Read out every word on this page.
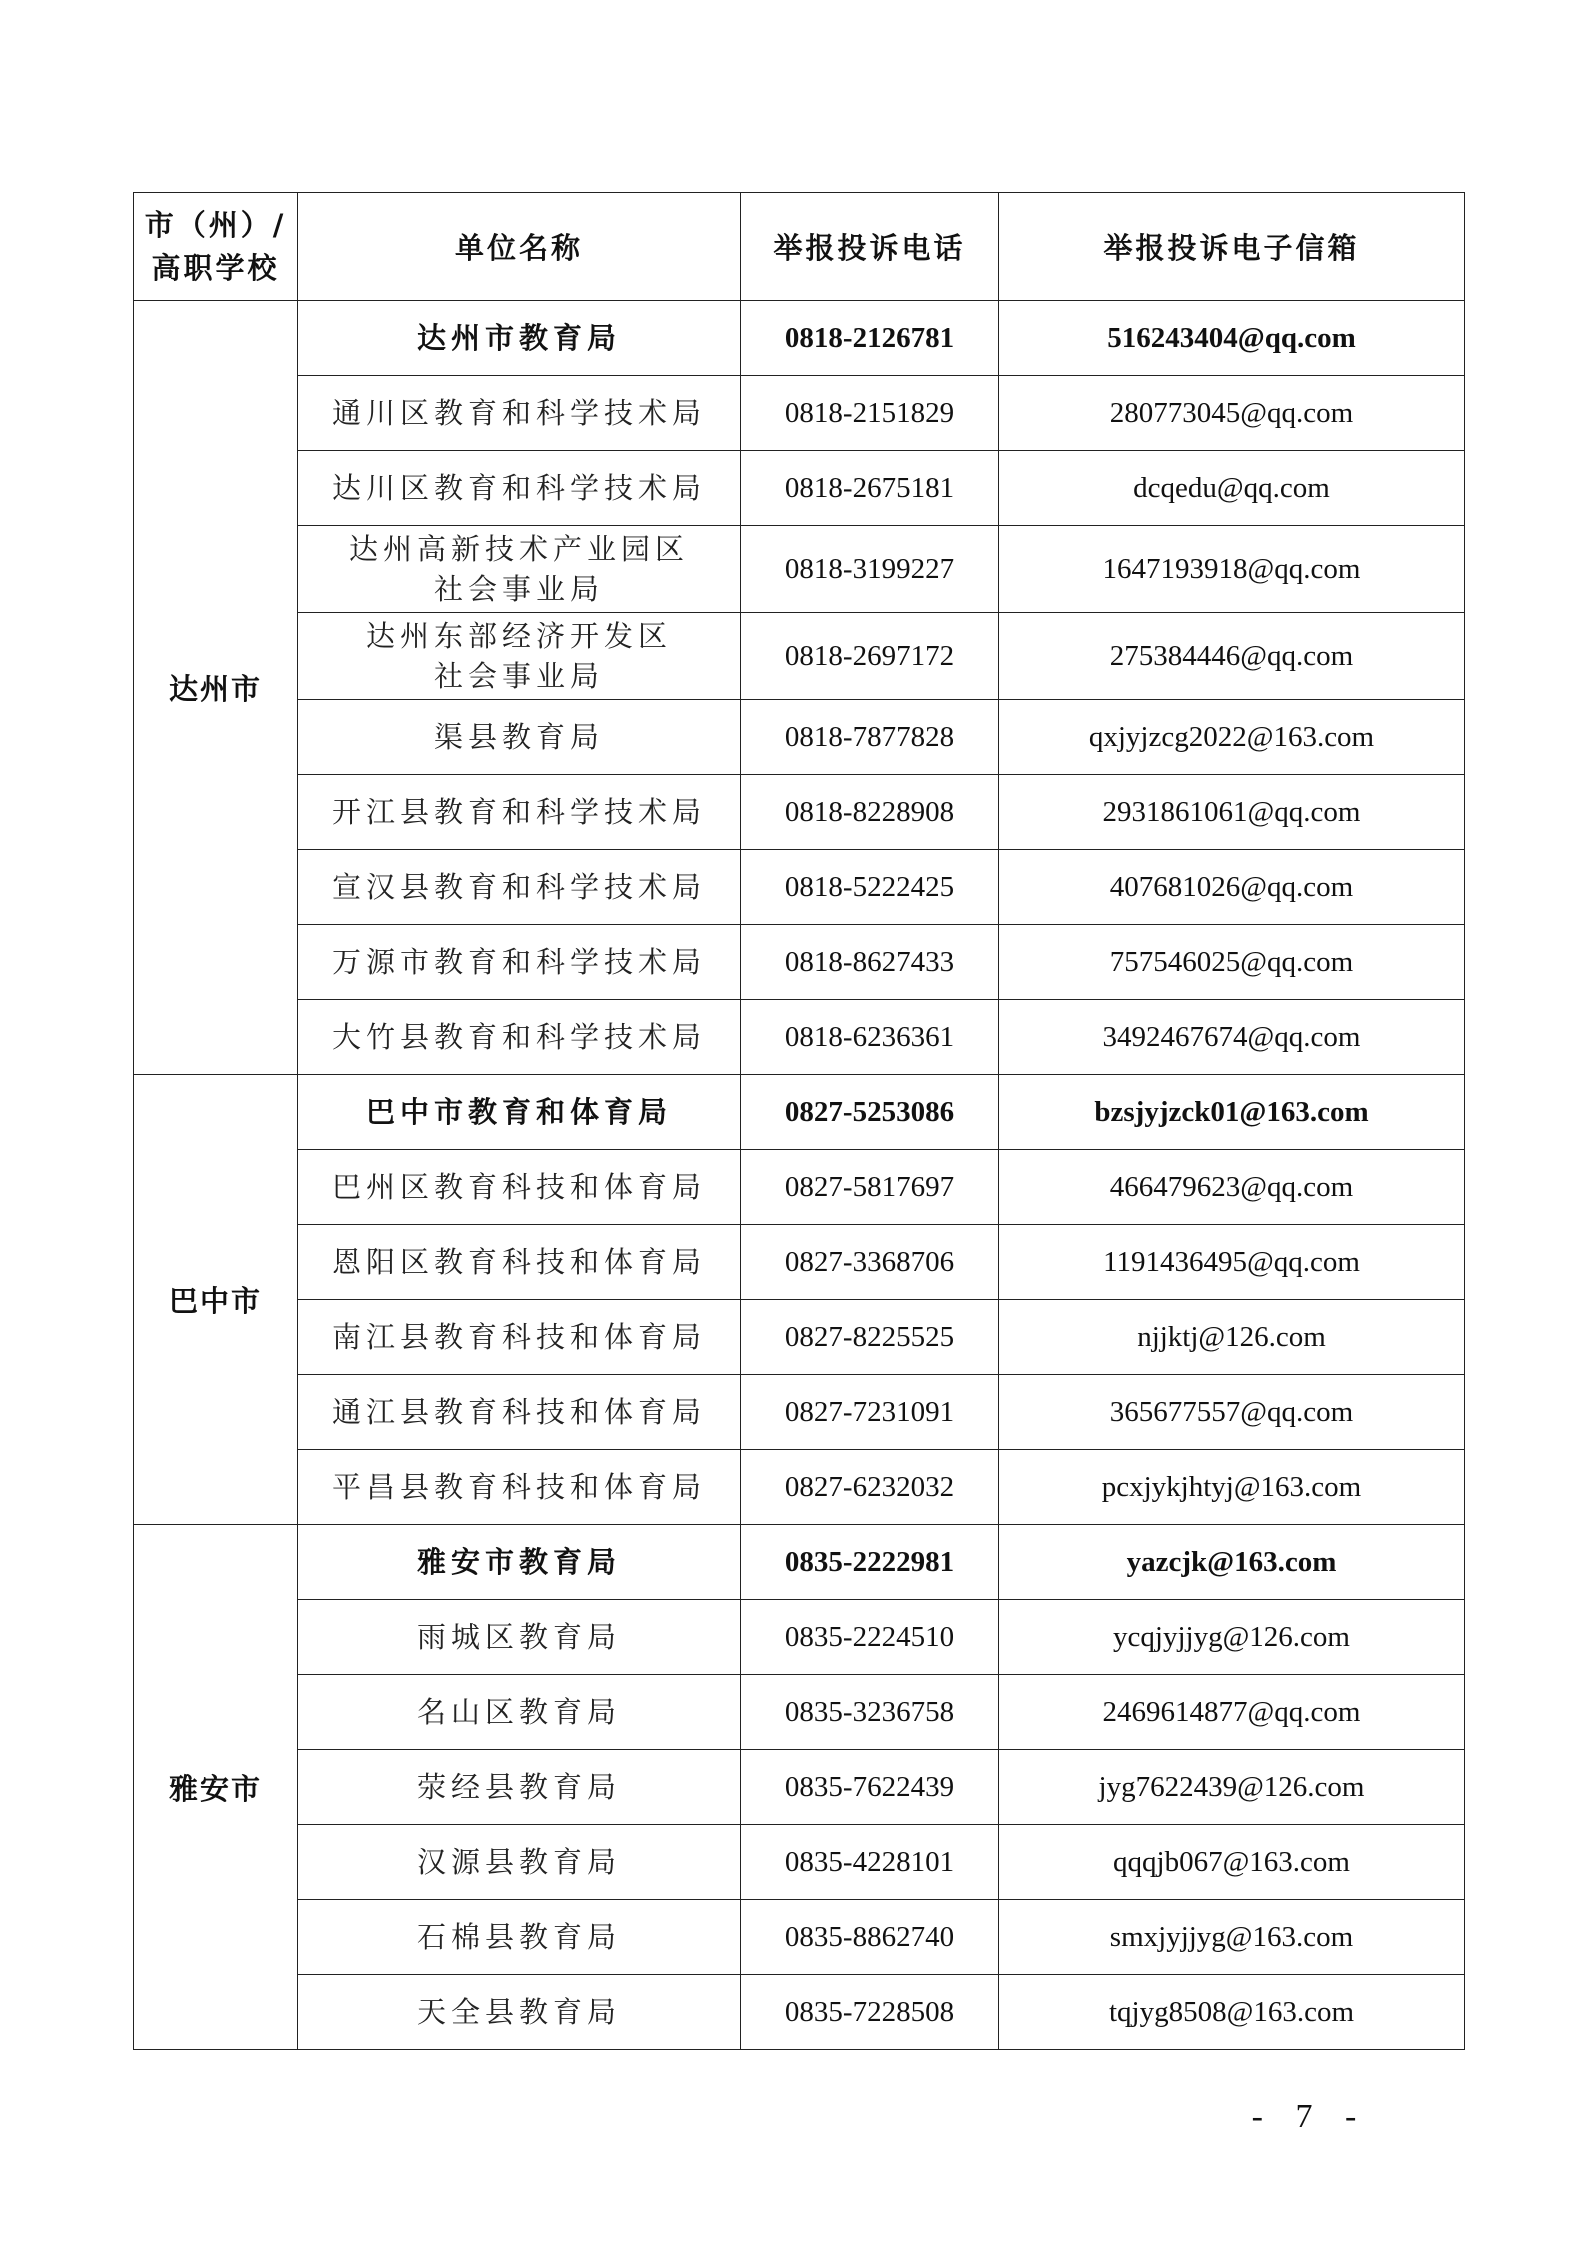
市（州）/
高职学校	单位名称	举报投诉电话	举报投诉电子信箱
达州市	达州市教育局	0818-2126781	516243404@qq.com

	通川区教育和科学技术局	0818-2151829	280773045@qq.com

	达川区教育和科学技术局	0818-2675181	dcqedu@qq.com

	达州高新技术产业园区
社会事业局	0818-3199227	1647193918@qq.com

	达州东部经济开发区
社会事业局	0818-2697172	275384446@qq.com

	渠县教育局	0818-7877828	qxjyjzcg2022@163.com

	开江县教育和科学技术局	0818-8228908	2931861061@qq.com

	宣汉县教育和科学技术局	0818-5222425	407681026@qq.com

	万源市教育和科学技术局	0818-8627433	757546025@qq.com

	大竹县教育和科学技术局	0818-6236361	3492467674@qq.com
巴中市	巴中市教育和体育局	0827-5253086	bzsjyjzck01@163.com

	巴州区教育科技和体育局	0827-5817697	466479623@qq.com

	恩阳区教育科技和体育局	0827-3368706	1191436495@qq.com

	南江县教育科技和体育局	0827-8225525	njjktj@126.com

	通江县教育科技和体育局	0827-7231091	365677557@qq.com

	平昌县教育科技和体育局	0827-6232032	pcxjykjhtyj@163.com
雅安市	雅安市教育局	0835-2222981	yazcjk@163.com

	雨城区教育局	0835-2224510	ycqjyjjyg@126.com

	名山区教育局	0835-3236758	2469614877@qq.com

	荥经县教育局	0835-7622439	jyg7622439@126.com

	汉源县教育局	0835-4228101	qqqjb067@163.com

	石棉县教育局	0835-8862740	smxjyjjyg@163.com

	天全县教育局	0835-7228508	tqjyg8508@163.com
- 7 -
